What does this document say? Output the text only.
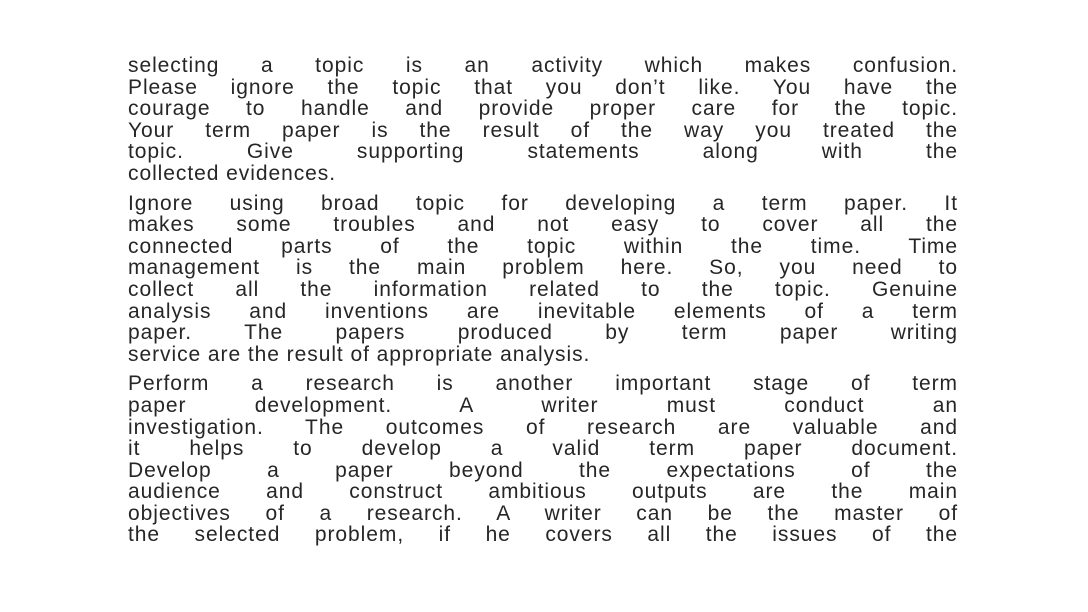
selecting a topic is an activity which makes confusion.
Please ignore the topic that you don’t like. You have the
courage to handle and provide proper care for the topic.
Your term paper is the result of the way you treated the
topic. Give supporting statements along with the
collected evidences.

Ignore using broad topic for developing a term paper. It
makes some troubles and not easy to cover all the
connected parts of the topic within the time. Time
management is the main problem here. So, you need to
collect all the information related to the topic. Genuine
analysis and inventions are inevitable elements of a term
paper. The papers produced by term paper writing
service are the result of appropriate analysis.

Perform a research is another important stage of term
paper development. A writer must conduct an
investigation. The outcomes of research are valuable and
it helps to develop a valid term paper document.
Develop a paper beyond the expectations of the
audience and construct ambitious outputs are the main
objectives of a research. A writer can be the master of
the selected problem, if he covers all the issues of the
